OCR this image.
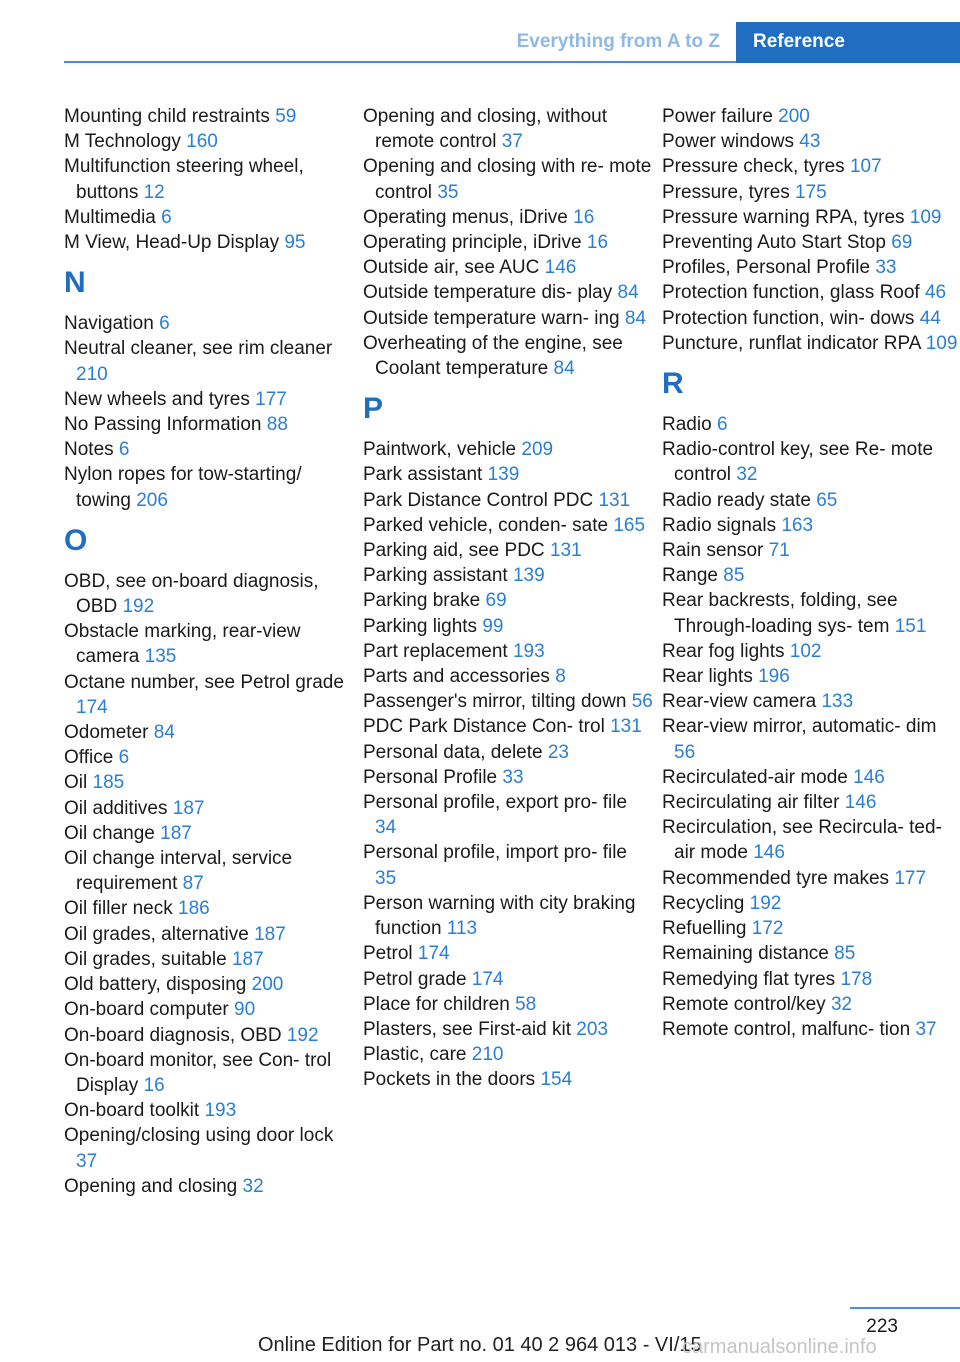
Everything from A to Z	Reference
Mounting child restraints 59
M Technology 160
Multifunction steering wheel, buttons 12
Multimedia 6
M View, Head-Up Display 95
N
Navigation 6
Neutral cleaner, see rim cleaner 210
New wheels and tyres 177
No Passing Information 88
Notes 6
Nylon ropes for tow-starting/ towing 206
O
OBD, see on-board diagnosis, OBD 192
Obstacle marking, rear-view camera 135
Octane number, see Petrol grade 174
Odometer 84
Office 6
Oil 185
Oil additives 187
Oil change 187
Oil change interval, service requirement 87
Oil filler neck 186
Oil grades, alternative 187
Oil grades, suitable 187
Old battery, disposing 200
On-board computer 90
On-board diagnosis, OBD 192
On-board monitor, see Con- trol Display 16
On-board toolkit 193
Opening/closing using door lock 37
Opening and closing 32
Opening and closing, without remote control 37
Opening and closing with re- mote control 35
Operating menus, iDrive 16
Operating principle, iDrive 16
Outside air, see AUC 146
Outside temperature dis- play 84
Outside temperature warn- ing 84
Overheating of the engine, see Coolant temperature 84
P
Paintwork, vehicle 209
Park assistant 139
Park Distance Control PDC 131
Parked vehicle, conden- sate 165
Parking aid, see PDC 131
Parking assistant 139
Parking brake 69
Parking lights 99
Part replacement 193
Parts and accessories 8
Passenger's mirror, tilting down 56
PDC Park Distance Con- trol 131
Personal data, delete 23
Personal Profile 33
Personal profile, export pro- file 34
Personal profile, import pro- file 35
Person warning with city braking function 113
Petrol 174
Petrol grade 174
Place for children 58
Plasters, see First-aid kit 203
Plastic, care 210
Pockets in the doors 154
Power failure 200
Power windows 43
Pressure check, tyres 107
Pressure, tyres 175
Pressure warning RPA, tyres 109
Preventing Auto Start Stop 69
Profiles, Personal Profile 33
Protection function, glass Roof 46
Protection function, win- dows 44
Puncture, runflat indicator RPA 109
R
Radio 6
Radio-control key, see Re- mote control 32
Radio ready state 65
Radio signals 163
Rain sensor 71
Range 85
Rear backrests, folding, see Through-loading sys- tem 151
Rear fog lights 102
Rear lights 196
Rear-view camera 133
Rear-view mirror, automatic- dim 56
Recirculated-air mode 146
Recirculating air filter 146
Recirculation, see Recircula- ted-air mode 146
Recommended tyre makes 177
Recycling 192
Refuelling 172
Remaining distance 85
Remedying flat tyres 178
Remote control/key 32
Remote control, malfunc- tion 37
223
Online Edition for Part no. 01 40 2 964 013 - VI/15
carmanualsonline.info
